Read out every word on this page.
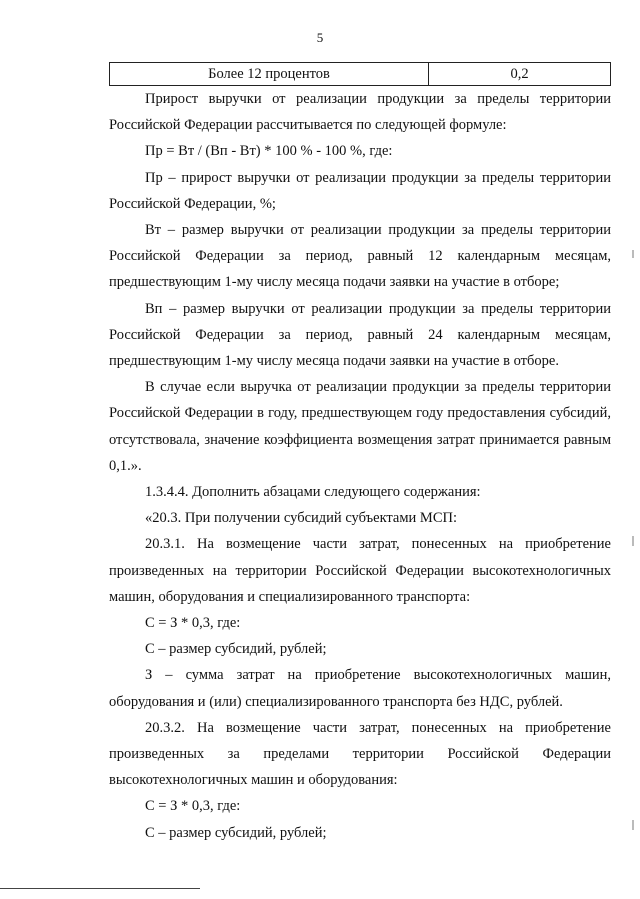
5
Более 12 процентов	0,2

Прирост выручки от реализации продукции за пределы территории Российской Федерации рассчитывается по следующей формуле:

Пр = Вт / (Вп - Вт) * 100 % - 100 %, где:

Пр – прирост выручки от реализации продукции за пределы территории Российской Федерации, %;

Вт – размер выручки от реализации продукции за пределы территории Российской Федерации за период, равный 12 календарным месяцам, предшествующим 1-му числу месяца подачи заявки на участие в отборе;

Вп – размер выручки от реализации продукции за пределы территории Российской Федерации за период, равный 24 календарным месяцам, предшествующим 1-му числу месяца подачи заявки на участие в отборе.

В случае если выручка от реализации продукции за пределы территории Российской Федерации в году, предшествующем году предоставления субсидий, отсутствовала, значение коэффициента возмещения затрат принимается равным 0,1.».

1.3.4.4. Дополнить абзацами следующего содержания:

«20.3. При получении субсидий субъектами МСП:

20.3.1. На возмещение части затрат, понесенных на приобретение произведенных на территории Российской Федерации высокотехнологичных машин, оборудования и специализированного транспорта:

С = З * 0,3, где:

С – размер субсидий, рублей;

З – сумма затрат на приобретение высокотехнологичных машин, оборудования и (или) специализированного транспорта без НДС, рублей.

20.3.2. На возмещение части затрат, понесенных на приобретение произведенных за пределами территории Российской Федерации высокотехнологичных машин и оборудования:

С = З * 0,3, где:

С – размер субсидий, рублей;
